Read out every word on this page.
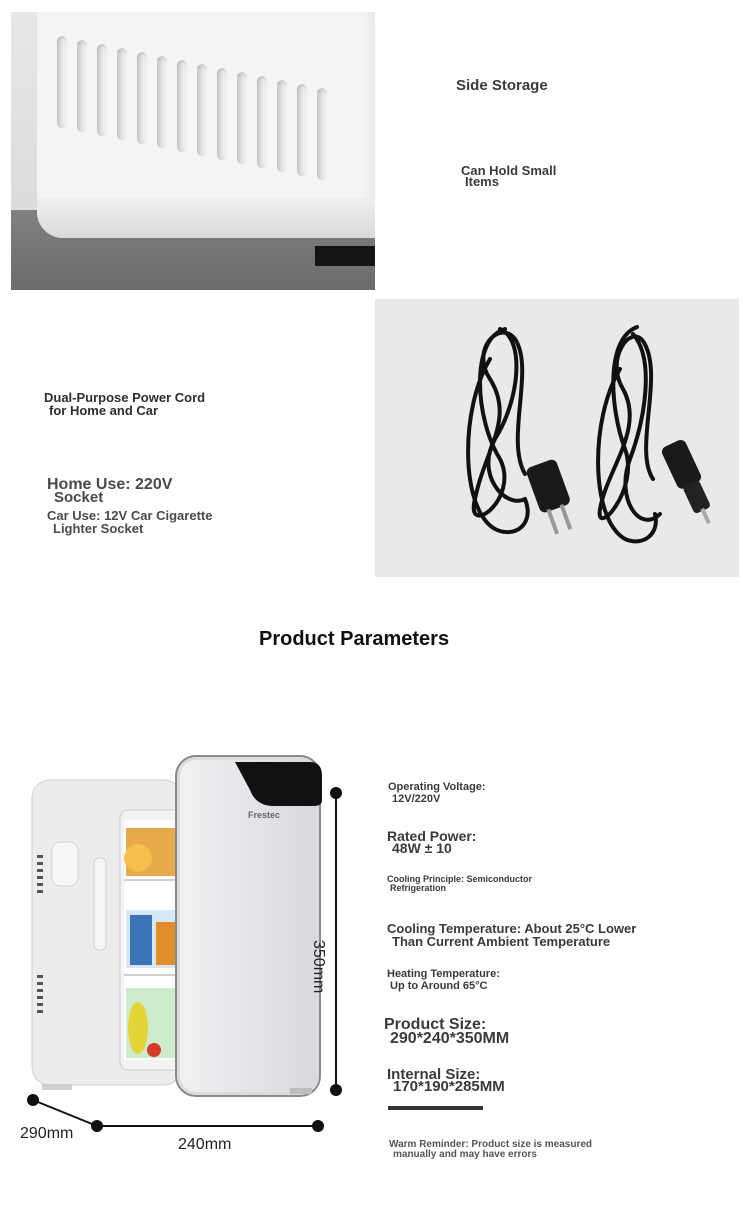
Side Storage
Can Hold Small
Items
Dual-Purpose Power Cord
for Home and Car
Home Use: 220V
Socket
Car Use: 12V Car Cigarette
Lighter Socket
Product Parameters
Frestec
350mm
290mm
240mm
Operating Voltage:
12V/220V
Rated Power:
48W ± 10
Cooling Principle: Semiconductor
Refrigeration
Cooling Temperature: About 25°C Lower
Than Current Ambient Temperature
Heating Temperature:
Up to Around 65°C
Product Size:
290*240*350MM
Internal Size:
170*190*285MM
Warm Reminder: Product size is measured
manually and may have errors
